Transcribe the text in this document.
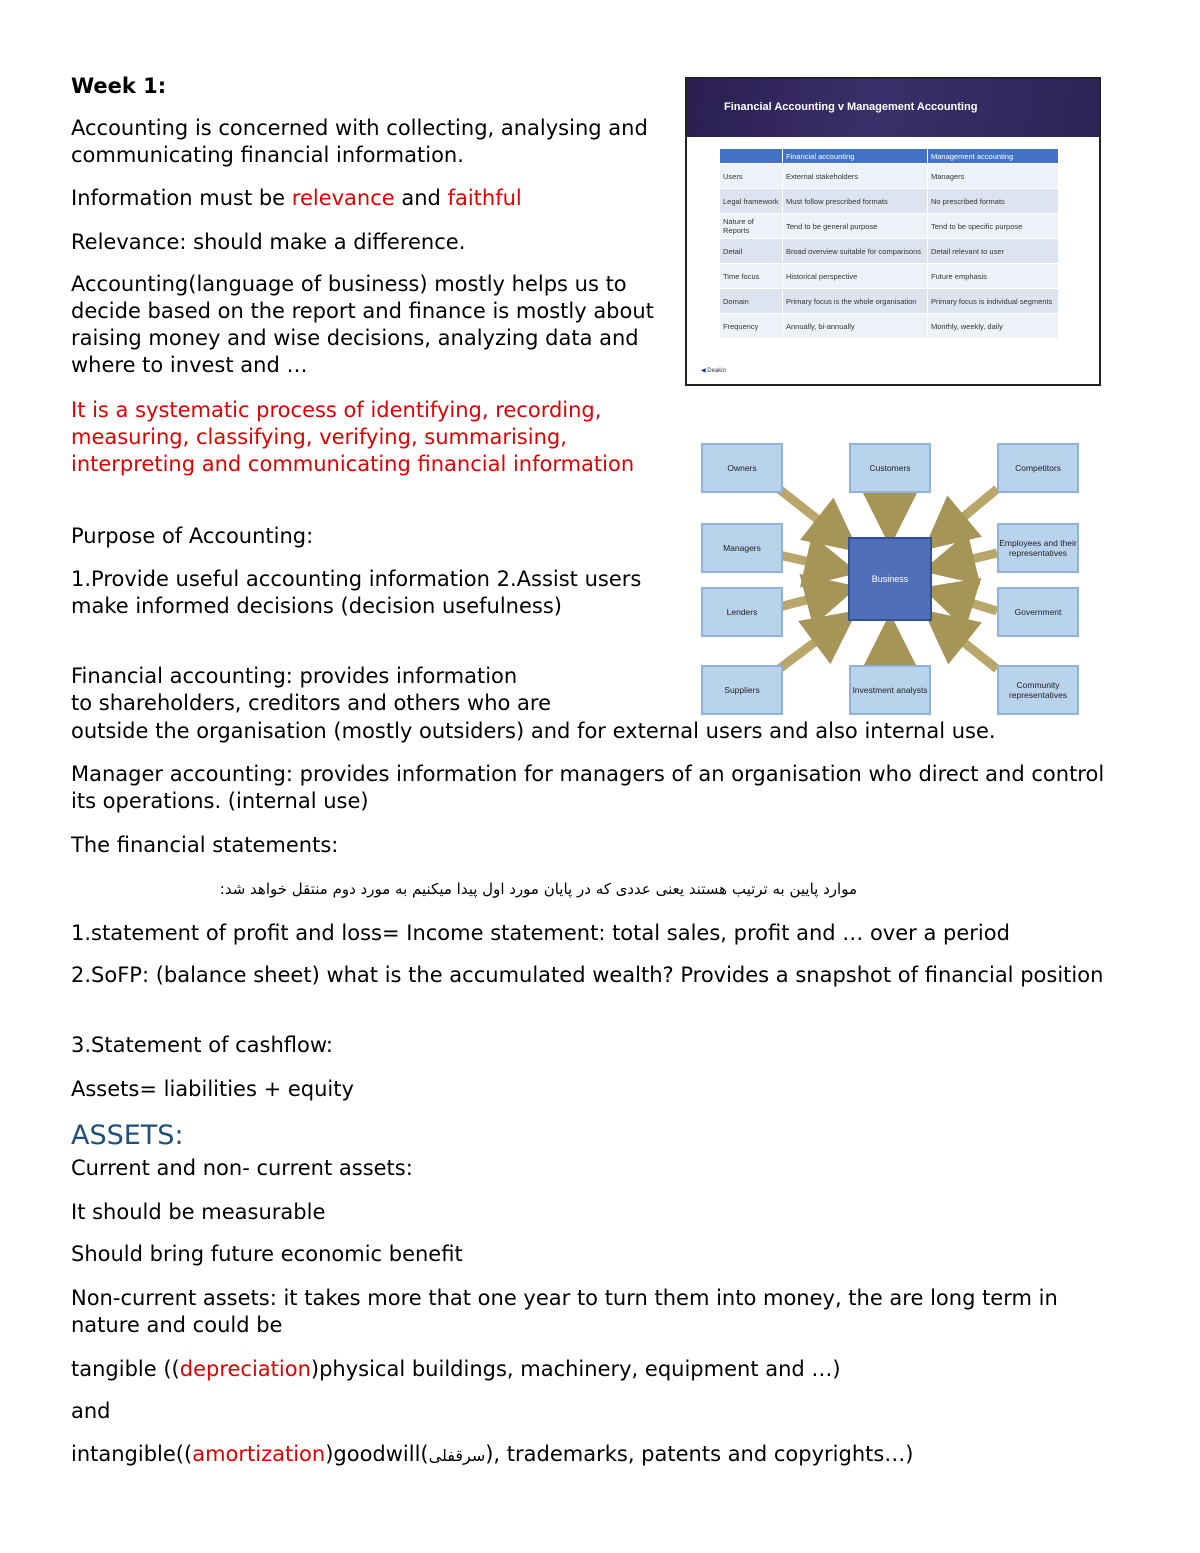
Week 1:

Accounting is concerned with collecting, analysing and communicating financial information.

Information must be relevance and faithful

Relevance: should make a difference.

Accounting(language of business) mostly helps us to decide based on the report and finance is mostly about raising money and wise decisions, analyzing data and where to invest and …

It is a systematic process of identifying, recording, measuring, classifying, verifying, summarising, interpreting and communicating financial information

Purpose of Accounting:

1.Provide useful accounting information 2.Assist users make informed decisions (decision usefulness)

Financial accounting: provides information

to shareholders, creditors and others who are

outside the organisation (mostly outsiders) and for external users and also internal use.

Manager accounting: provides information for managers of an organisation who direct and control its operations. (internal use)

The financial statements:

موارد پایین به ترتیب هستند یعنی عددی که در پایان مورد اول پیدا میکنیم به مورد دوم منتقل خواهد شد:

1.statement of profit and loss= Income statement: total sales, profit and … over a period

2.SoFP: (balance sheet) what is the accumulated wealth? Provides a snapshot of financial position

3.Statement of cashflow:

Assets= liabilities + equity

ASSETS:

Current and non- current assets:

It should be measurable

Should bring future economic benefit

Non-current assets: it takes more that one year to turn them into money, the are long term in nature and could be

tangible ((depreciation)physical buildings, machinery, equipment and …)

and

intangible((amortization)goodwill(سرقفلی), trademarks, patents and copyrights…)

Financial Accounting v Management Accounting
	Financial accounting	Management accounting
Users	External stakeholders	Managers
Legal framework	Must follow prescribed formats	No prescribed formats
Nature of Reports	Tend to be general purpose	Tend to be specific purpose
Detail	Broad overview suitable for comparisons	Detail relevant to user
Time focus	Historical perspective	Future emphasis
Domain	Primary focus is the whole organisation	Primary focus is individual segments
Frequency	Annually, bi-annually	Monthly, weekly, daily
◀ Deakin
Owners	Customers	Competitors
Managers	Employees and their representatives
Lenders	Government
Suppliers	Investment analysts	Community representatives
Business
